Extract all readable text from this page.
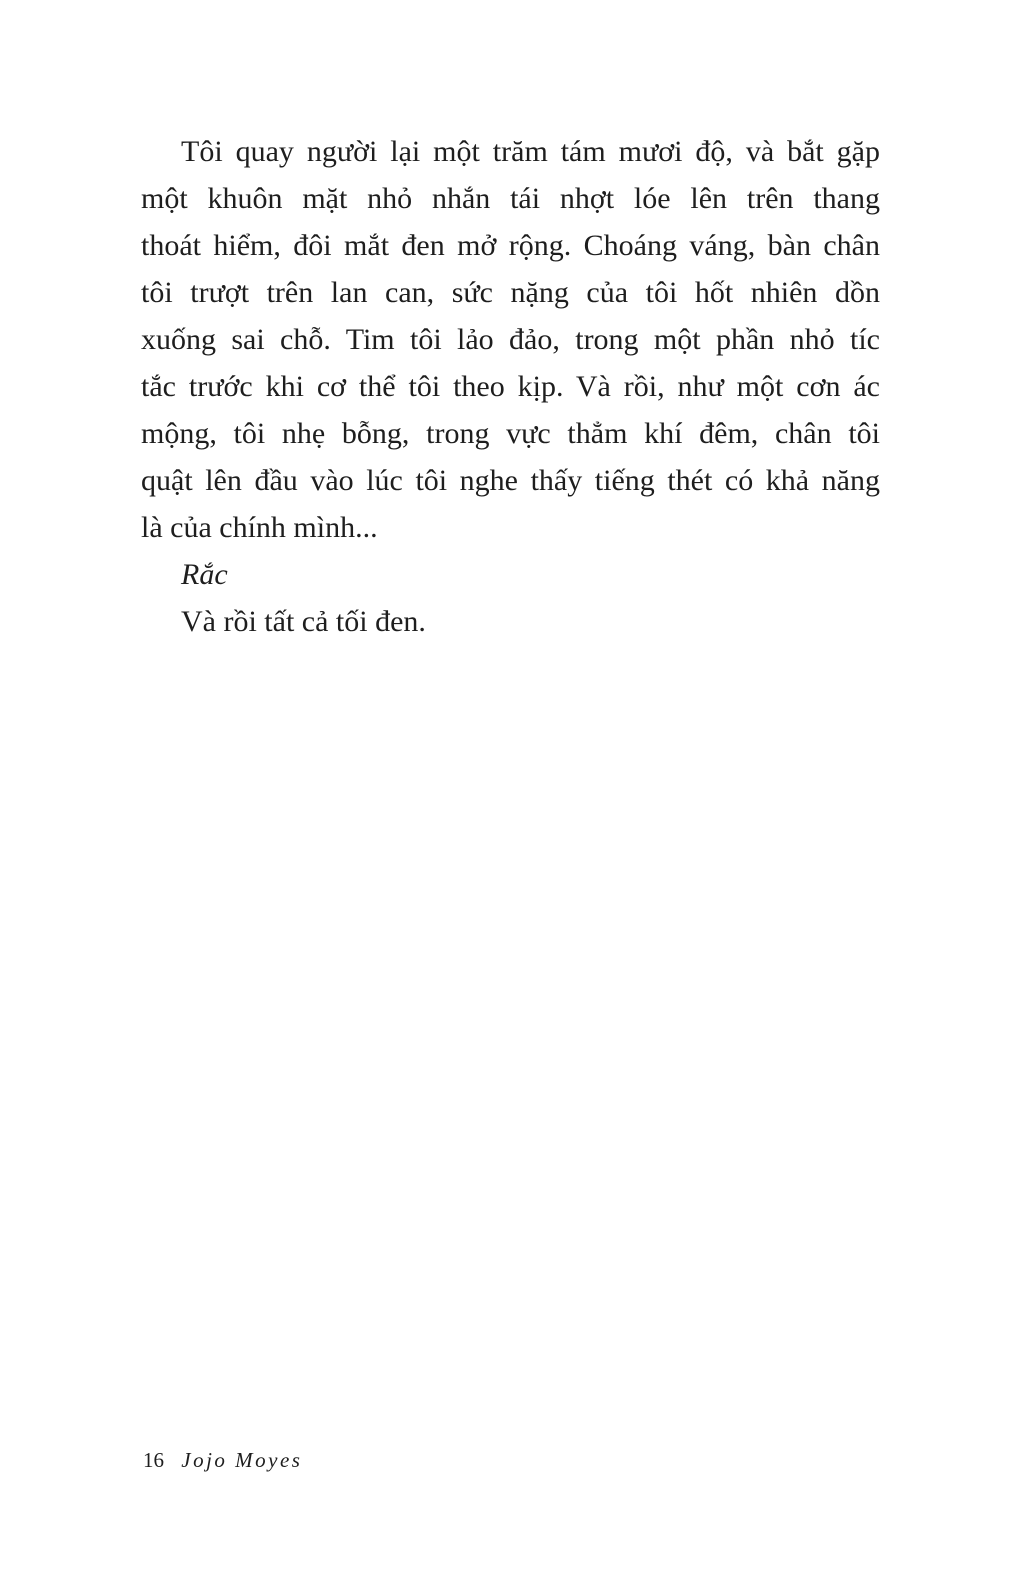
Tôi quay người lại một trăm tám mươi độ, và bắt gặp
một khuôn mặt nhỏ nhắn tái nhợt lóe lên trên thang
thoát hiểm, đôi mắt đen mở rộng. Choáng váng, bàn chân
tôi trượt trên lan can, sức nặng của tôi hốt nhiên dồn
xuống sai chỗ. Tim tôi lảo đảo, trong một phần nhỏ tíc
tắc trước khi cơ thể tôi theo kịp. Và rồi, như một cơn ác
mộng, tôi nhẹ bỗng, trong vực thẳm khí đêm, chân tôi
quật lên đầu vào lúc tôi nghe thấy tiếng thét có khả năng
là của chính mình...
Rắc
Và rồi tất cả tối đen.
16 Jojo Moyes
